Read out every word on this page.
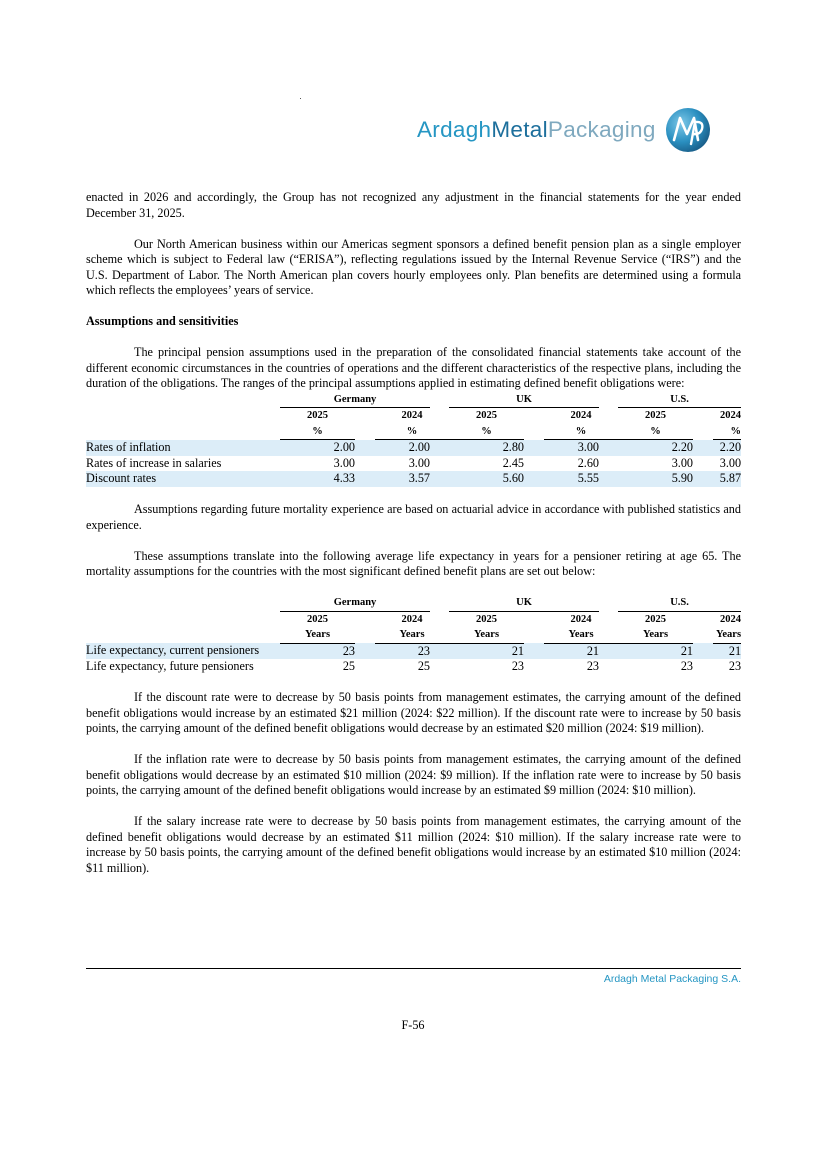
ArdaghMetalPackaging

enacted in 2026 and accordingly, the Group has not recognized any adjustment in the financial statements for the year ended December 31, 2025.

Our North American business within our Americas segment sponsors a defined benefit pension plan as a single employer scheme which is subject to Federal law (“ERISA”), reflecting regulations issued by the Internal Revenue Service (“IRS”) and the U.S. Department of Labor. The North American plan covers hourly employees only. Plan benefits are determined using a formula which reflects the employees’ years of service.

Assumptions and sensitivities

The principal pension assumptions used in the preparation of the consolidated financial statements take account of the different economic circumstances in the countries of operations and the different characteristics of the respective plans, including the duration of the obligations. The ranges of the principal assumptions applied in estimating defined benefit obligations were:

	Germany				UK				U.S.		
	2025		2024		2025		2024		2025		2024
	%		%		%		%		%		%
Rates of inflation	2.00		2.00		2.80		3.00		2.20		2.20
Rates of increase in salaries	3.00		3.00		2.45		2.60		3.00		3.00
Discount rates	4.33		3.57		5.60		5.55		5.90		5.87

Assumptions regarding future mortality experience are based on actuarial advice in accordance with published statistics and experience.

These assumptions translate into the following average life expectancy in years for a pensioner retiring at age 65. The mortality assumptions for the countries with the most significant defined benefit plans are set out below:

	Germany				UK				U.S.		
	2025		2024		2025		2024		2025		2024
	Years		Years		Years		Years		Years		Years
Life expectancy, current pensioners	23		23		21		21		21		21
Life expectancy, future pensioners	25		25		23		23		23		23

If the discount rate were to decrease by 50 basis points from management estimates, the carrying amount of the defined benefit obligations would increase by an estimated $21 million (2024: $22 million). If the discount rate were to increase by 50 basis points, the carrying amount of the defined benefit obligations would decrease by an estimated $20 million (2024: $19 million).

If the inflation rate were to decrease by 50 basis points from management estimates, the carrying amount of the defined benefit obligations would decrease by an estimated $10 million (2024: $9 million). If the inflation rate were to increase by 50 basis points, the carrying amount of the defined benefit obligations would increase by an estimated $9 million (2024: $10 million).

If the salary increase rate were to decrease by 50 basis points from management estimates, the carrying amount of the defined benefit obligations would decrease by an estimated $11 million (2024: $10 million). If the salary increase rate were to increase by 50 basis points, the carrying amount of the defined benefit obligations would increase by an estimated $10 million (2024: $11 million).

Ardagh Metal Packaging S.A.
F-56
